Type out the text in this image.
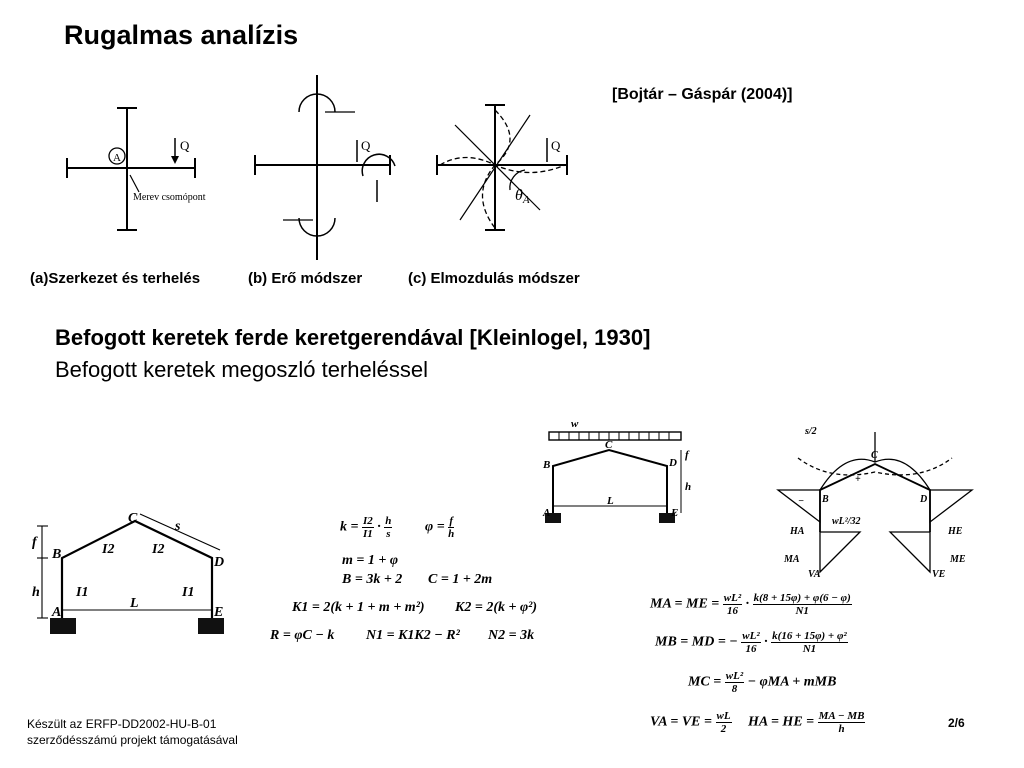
Rugalmas analízis
[Bojtár – Gáspár (2004)]
A
Q
Merev csomópont
Q	Q
θA
(a)Szerkezet és terhelés	(b) Erő módszer	(c) Elmozdulás módszer
Befogott keretek ferde keretgerendával [Kleinlogel, 1930]
Befogott keretek megoszló terheléssel
B
C
D
A	E
I2	I2
I1	I1
s
h
L
f
$k = \frac{I2}{I1} \cdot \frac{h}{s}$ $\varphi = \frac{f}{h}$
m = 1 + φ
B = 3k + 2 C = 1 + 2m
K1 = 2(k + 1 + m + m²) K2 = 2(k + φ²)
R = φC − k N1 = K1K2 − R² N2 = 3k
w
B
C
D
A	E
L
h
f
s/2
C
B	D
+
−
wL²/32
HA	HE
MA	ME
VA	VE
MA = ME = $\frac{\text{wL²}}{16} \cdot \frac{k(8 + 15\varphi) + \varphi(6 - \varphi)}{N1}$
MB = MD = − $\frac{\text{wL²}}{16} \cdot \frac{\text{k(16 + 15φ) + φ²}}{N1}$
MC = $\frac{\text{wL²}}{8} - \varphi MA$ + mMB
VA = VE = $\frac{wL}{2}$ HA = HE = $\frac{MA - MB}{h}$
Készült az ERFP-DD2002-HU-B-01
szerződésszámú projekt támogatásával
2/6
